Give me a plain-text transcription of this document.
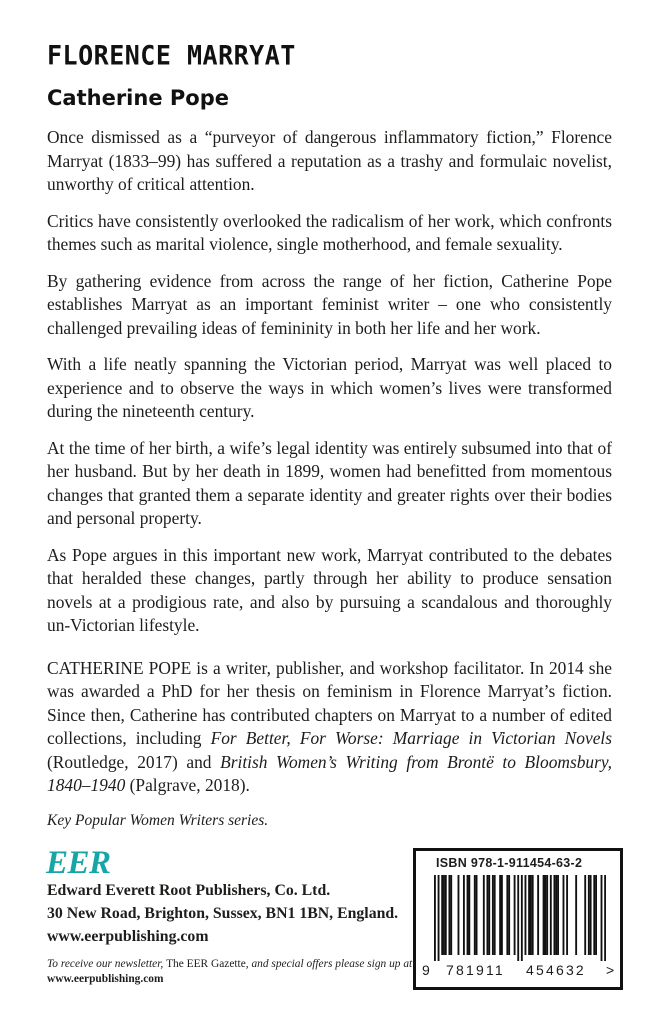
FLORENCE MARRYAT
Catherine Pope

Once dismissed as a “purveyor of dangerous inflammatory fiction,” Florence Marryat (1833–99) has suffered a reputation as a trashy and formulaic novelist, unworthy of critical attention.

Critics have consistently overlooked the radicalism of her work, which confronts themes such as marital violence, single motherhood, and female sexuality.

By gathering evidence from across the range of her fiction, Catherine Pope establishes Marryat as an important feminist writer – one who consistently challenged prevailing ideas of femininity in both her life and her work.

With a life neatly spanning the Victorian period, Marryat was well placed to experience and to observe the ways in which women’s lives were transformed during the nineteenth century.

At the time of her birth, a wife’s legal identity was entirely subsumed into that of her husband. But by her death in 1899, women had benefitted from momentous changes that granted them a separate identity and greater rights over their bodies and personal property.

As Pope argues in this important new work, Marryat contributed to the debates that heralded these changes, partly through her ability to produce sensation novels at a prodigious rate, and also by pursuing a scandalous and thoroughly un-Victorian lifestyle.

CATHERINE POPE is a writer, publisher, and workshop facilitator. In 2014 she was awarded a PhD for her thesis on feminism in Florence Marryat’s fiction. Since then, Catherine has contributed chapters on Marryat to a number of edited collections, including For Better, For Worse: Marriage in Victorian Novels (Routledge, 2017) and British Women’s Writing from Brontë to Bloomsbury, 1840–1940 (Palgrave, 2018).

Key Popular Women Writers series.
EER
Edward Everett Root Publishers, Co. Ltd.
30 New Road, Brighton, Sussex, BN1 1BN, England.
www.eerpublishing.com
To receive our newsletter, The EER Gazette, and special offers please sign up at
www.eerpublishing.com
ISBN 978-1-911454-63-2
9 781911 454632 >
